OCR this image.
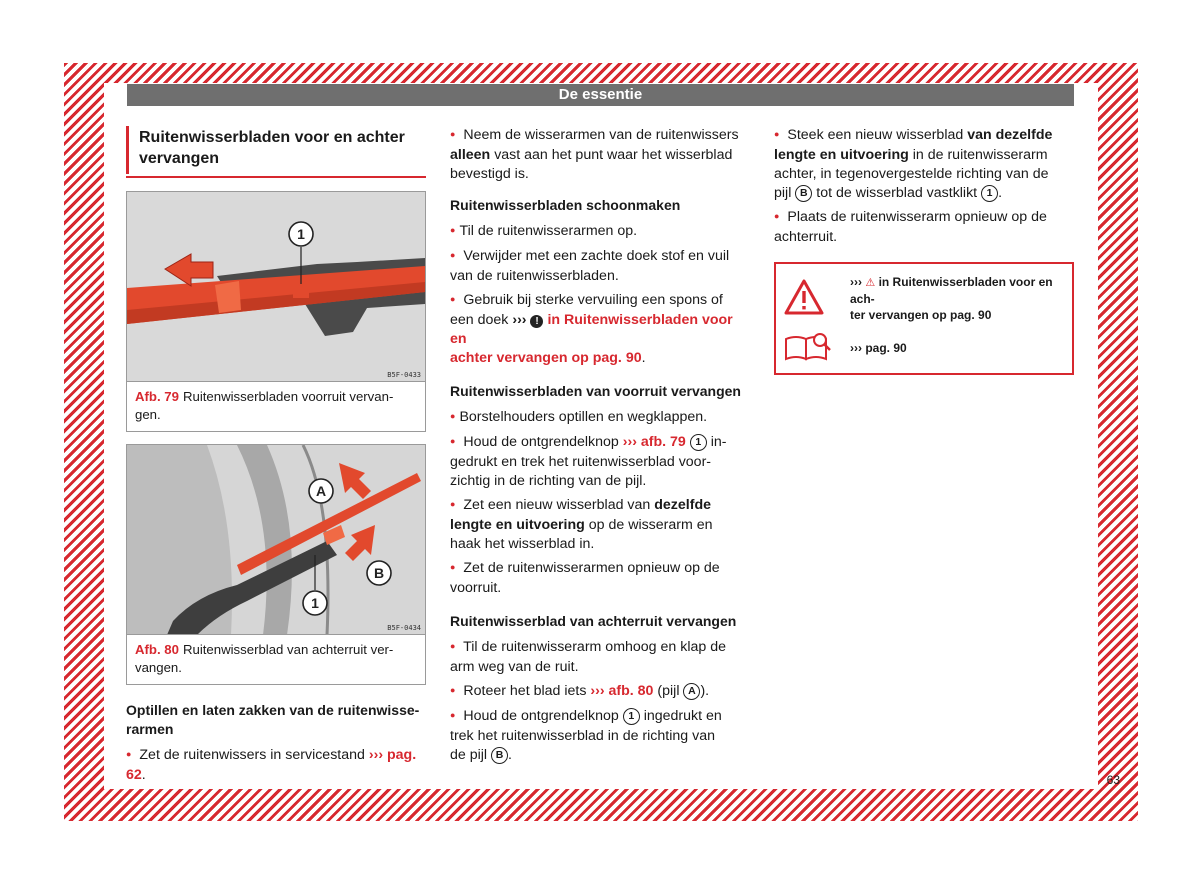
De essentie
Ruitenwisserbladen voor en achter
vervangen
1
B5F-0433
Afb. 79 Ruitenwisserbladen voorruit vervan-
gen.
A
B
1
B5F-0434
Afb. 80 Ruitenwisserblad van achterruit ver-
vangen.
Optillen en laten zakken van de ruitenwisse-
rarmen
● Zet de ruitenwissers in servicestand ››› pag.
62.
● Neem de wisserarmen van de ruitenwissers
alleen vast aan het punt waar het wisserblad
bevestigd is.
Ruitenwisserbladen schoonmaken
● Til de ruitenwisserarmen op.
● Verwijder met een zachte doek stof en vuil
van de ruitenwisserbladen.
● Gebruik bij sterke vervuiling een spons of
een doek ››› ! in Ruitenwisserbladen voor en
achter vervangen op pag. 90.
Ruitenwisserbladen van voorruit vervangen
● Borstelhouders optillen en wegklappen.
● Houd de ontgrendelknop ››› afb. 79 1 in-
gedrukt en trek het ruitenwisserblad voor-
zichtig in de richting van de pijl.
● Zet een nieuw wisserblad van dezelfde
lengte en uitvoering op de wisserarm en
haak het wisserblad in.
● Zet de ruitenwisserarmen opnieuw op de
voorruit.
Ruitenwisserblad van achterruit vervangen
● Til de ruitenwisserarm omhoog en klap de
arm weg van de ruit.
● Roteer het blad iets ››› afb. 80 (pijl A ).
● Houd de ontgrendelknop 1 ingedrukt en
trek het ruitenwisserblad in de richting van
de pijl B .
● Steek een nieuw wisserblad van dezelfde
lengte en uitvoering in de ruitenwisserarm
achter, in tegenovergestelde richting van de
pijl B tot de wisserblad vastklikt 1 .
● Plaats de ruitenwisserarm opnieuw op de
achterruit.
››› ⚠ in Ruitenwisserbladen voor en ach-
ter vervangen op pag. 90
››› pag. 90
63
